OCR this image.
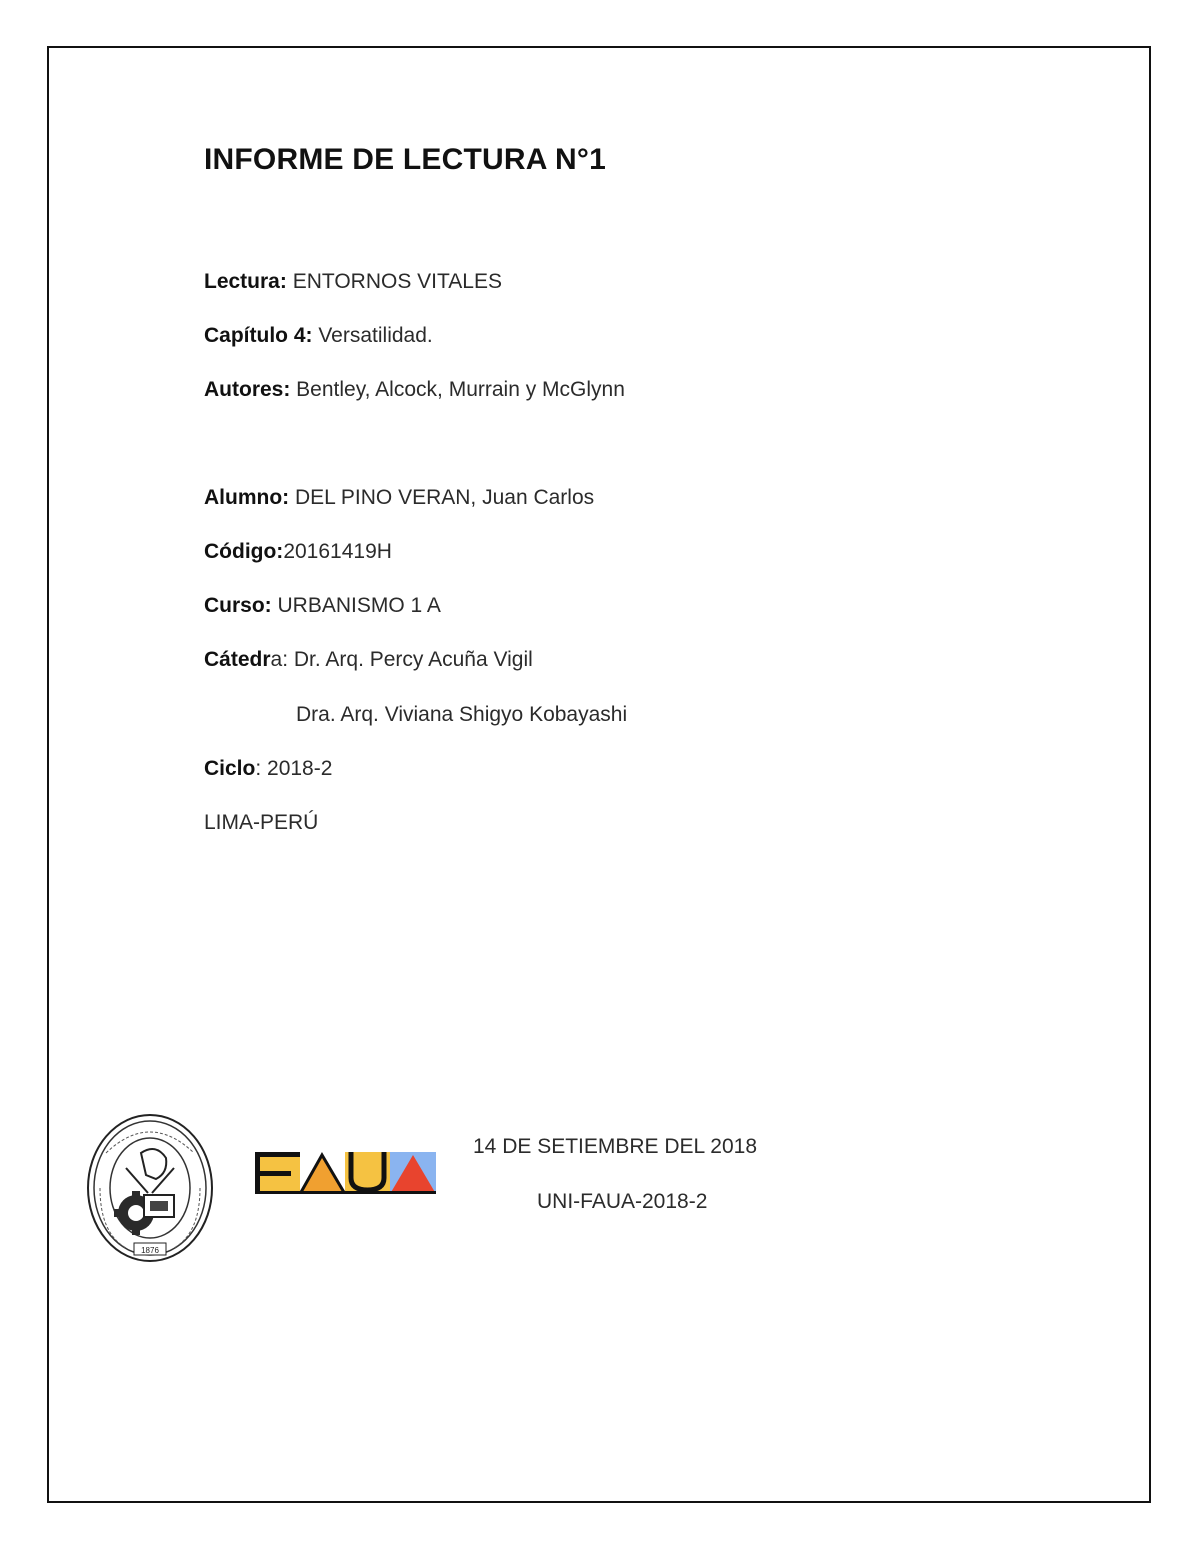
INFORME DE LECTURA N°1
Lectura: ENTORNOS VITALES
Capítulo 4: Versatilidad.
Autores: Bentley, Alcock, Murrain y McGlynn
Alumno: DEL PINO VERAN, Juan Carlos
Código:20161419H
Curso: URBANISMO 1 A
Cátedra: Dr. Arq. Percy Acuña Vigil
Dra. Arq. Viviana Shigyo Kobayashi
Ciclo: 2018-2
LIMA-PERÚ
1876
14 DE SETIEMBRE DEL 2018
UNI-FAUA-2018-2
